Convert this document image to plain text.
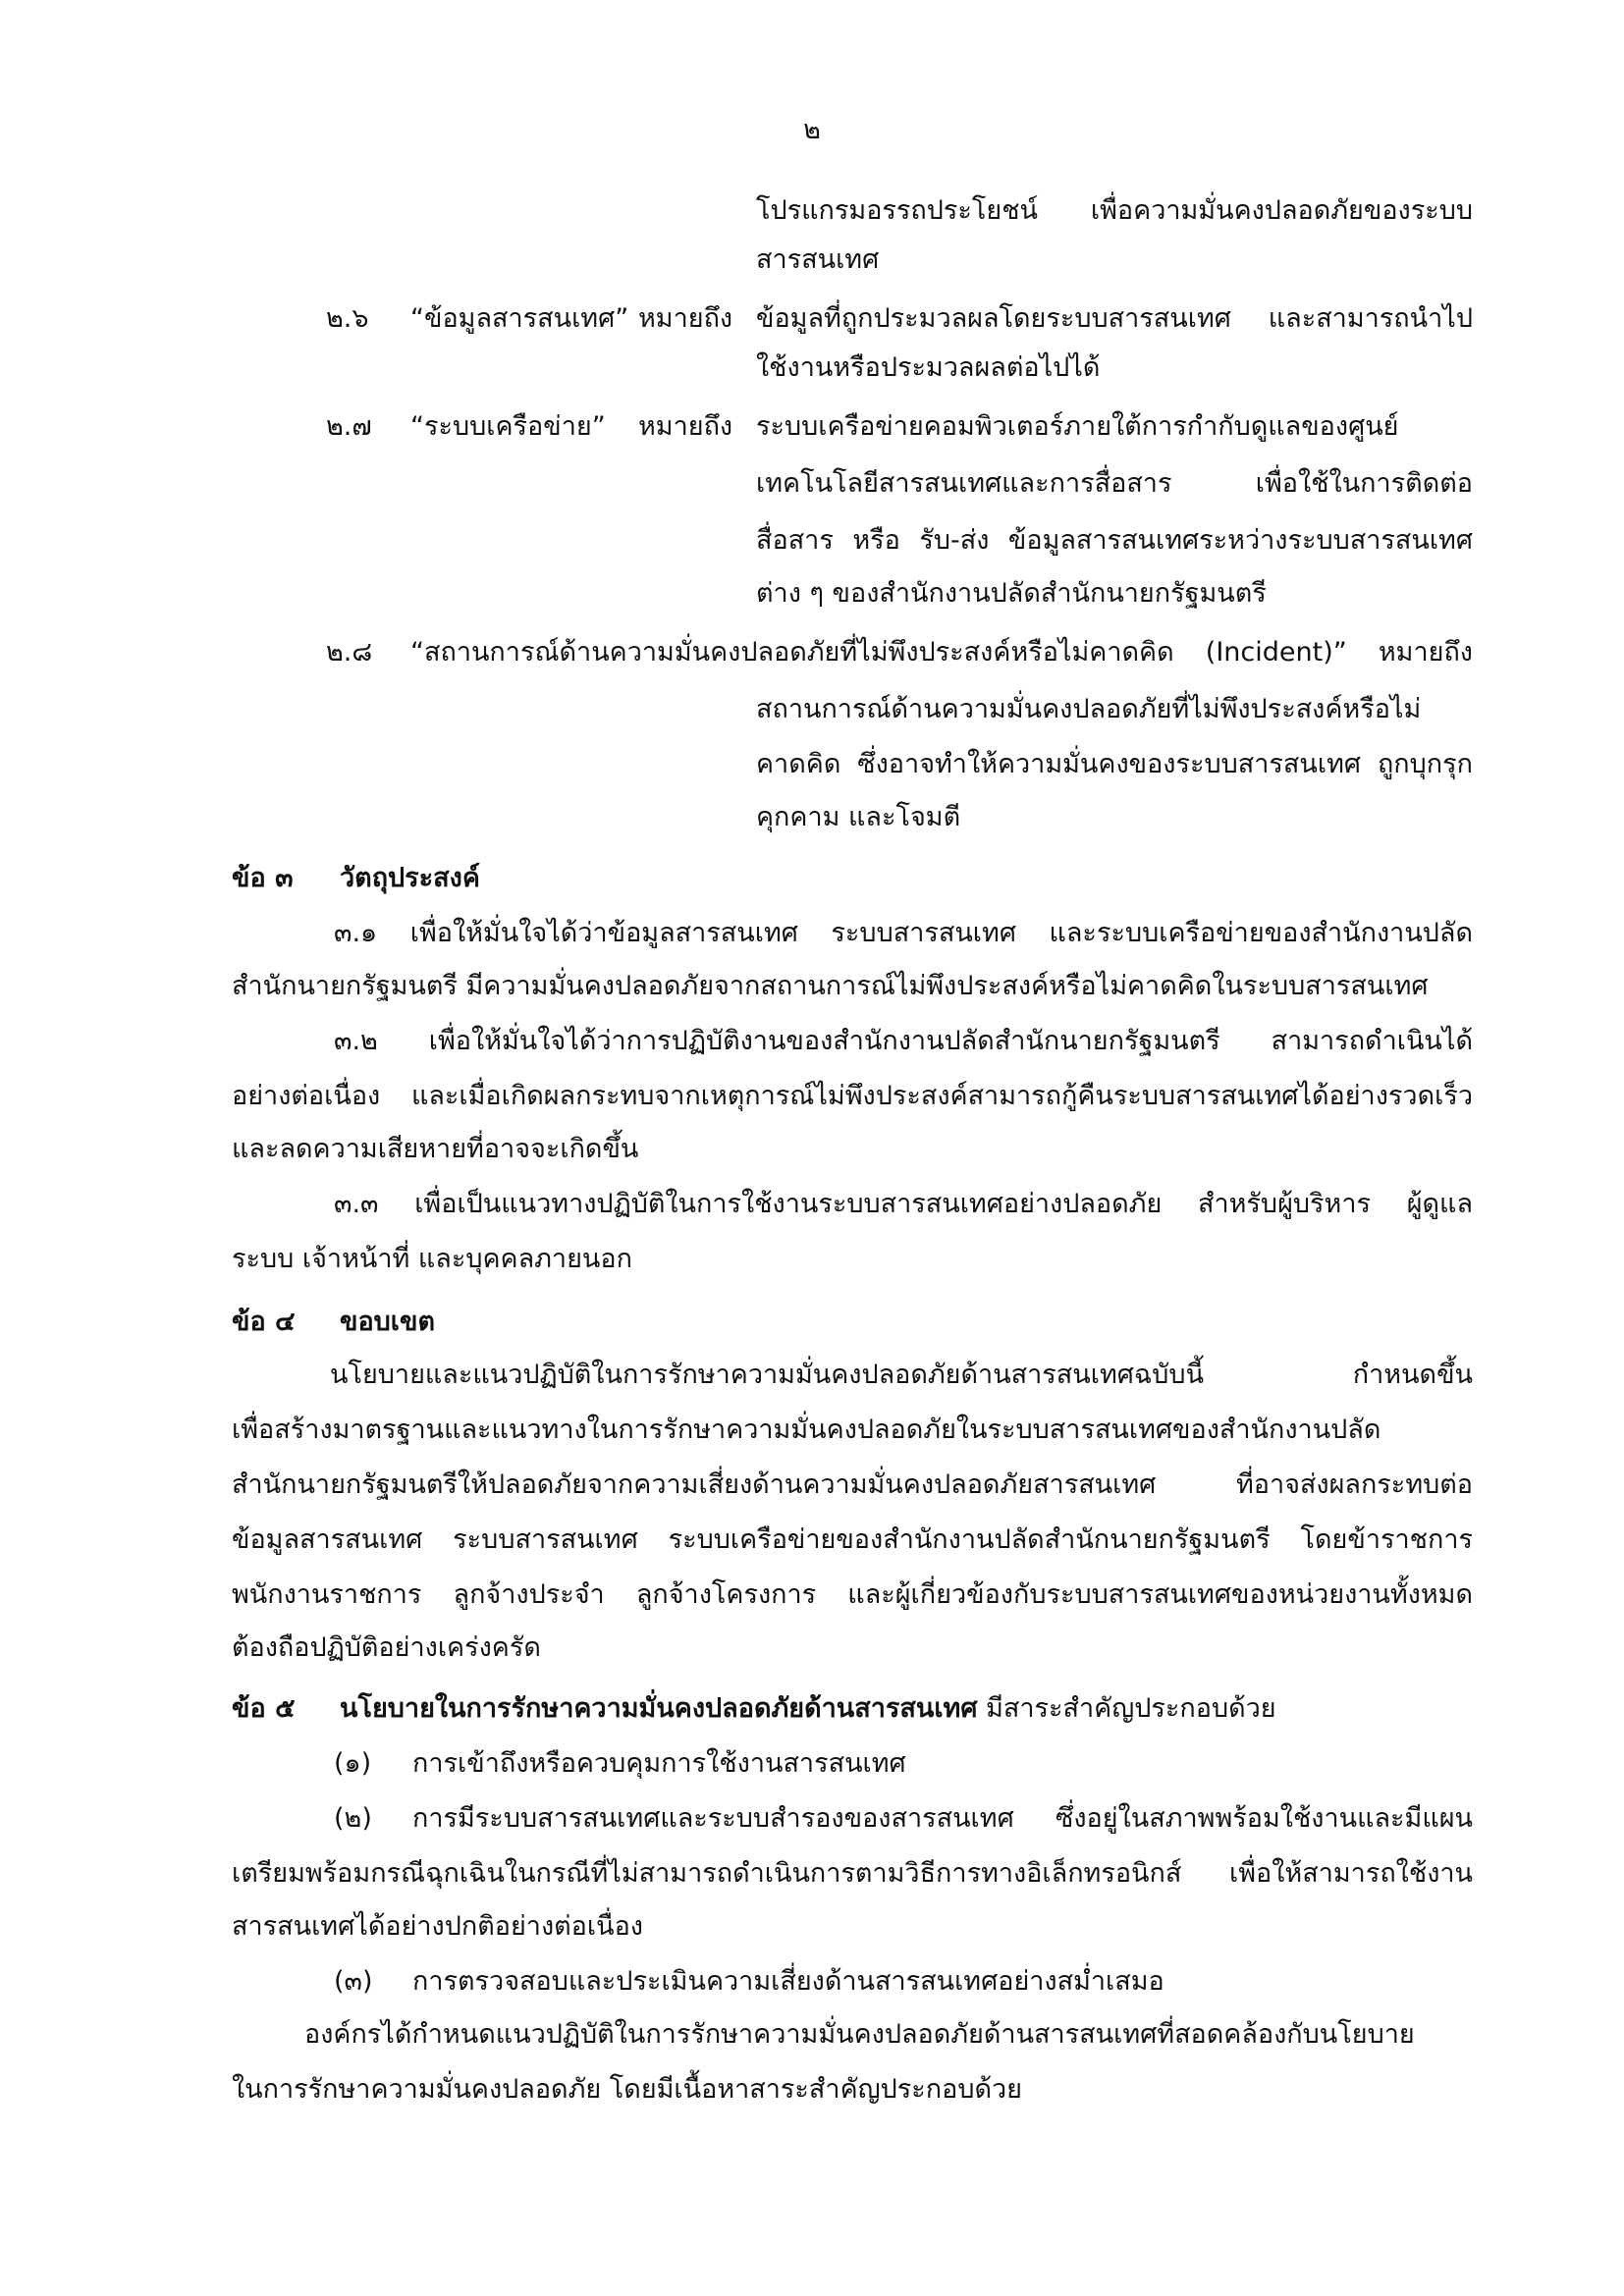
๒
โปรแกรมอรรถประโยชน์ เพื่อความมั่นคงปลอดภัยของระบบ
สารสนเทศ
๒.๖ “ข้อมูลสารสนเทศ” หมายถึง ข้อมูลที่ถูกประมวลผลโดยระบบสารสนเทศ และสามารถนำไป
ใช้งานหรือประมวลผลต่อไปได้
๒.๗ “ระบบเครือข่าย” หมายถึง ระบบเครือข่ายคอมพิวเตอร์ภายใต้การกำกับดูแลของศูนย์
เทคโนโลยีสารสนเทศและการสื่อสาร เพื่อใช้ในการติดต่อ
สื่อสาร หรือ รับ-ส่ง ข้อมูลสารสนเทศระหว่างระบบสารสนเทศ
ต่าง ๆ ของสำนักงานปลัดสำนักนายกรัฐมนตรี
๒.๘ “สถานการณ์ด้านความมั่นคงปลอดภัยที่ไม่พึงประสงค์หรือไม่คาดคิด (Incident)” หมายถึง
สถานการณ์ด้านความมั่นคงปลอดภัยที่ไม่พึงประสงค์หรือไม่
คาดคิด ซึ่งอาจทำให้ความมั่นคงของระบบสารสนเทศ ถูกบุกรุก
คุกคาม และโจมตี
ข้อ ๓ วัตถุประสงค์
๓.๑ เพื่อให้มั่นใจได้ว่าข้อมูลสารสนเทศ ระบบสารสนเทศ และระบบเครือข่ายของสำนักงานปลัด
สำนักนายกรัฐมนตรี มีความมั่นคงปลอดภัยจากสถานการณ์ไม่พึงประสงค์หรือไม่คาดคิดในระบบสารสนเทศ
๓.๒ เพื่อให้มั่นใจได้ว่าการปฏิบัติงานของสำนักงานปลัดสำนักนายกรัฐมนตรี สามารถดำเนินได้
อย่างต่อเนื่อง และเมื่อเกิดผลกระทบจากเหตุการณ์ไม่พึงประสงค์สามารถกู้คืนระบบสารสนเทศได้อย่างรวดเร็ว
และลดความเสียหายที่อาจจะเกิดขึ้น
๓.๓ เพื่อเป็นแนวทางปฏิบัติในการใช้งานระบบสารสนเทศอย่างปลอดภัย สำหรับผู้บริหาร ผู้ดูแล
ระบบ เจ้าหน้าที่ และบุคคลภายนอก
ข้อ ๔ ขอบเขต
นโยบายและแนวปฏิบัติในการรักษาความมั่นคงปลอดภัยด้านสารสนเทศฉบับนี้ กำหนดขึ้น
เพื่อสร้างมาตรฐานและแนวทางในการรักษาความมั่นคงปลอดภัยในระบบสารสนเทศของสำนักงานปลัด
สำนักนายกรัฐมนตรีให้ปลอดภัยจากความเสี่ยงด้านความมั่นคงปลอดภัยสารสนเทศ ที่อาจส่งผลกระทบต่อ
ข้อมูลสารสนเทศ ระบบสารสนเทศ ระบบเครือข่ายของสำนักงานปลัดสำนักนายกรัฐมนตรี โดยข้าราชการ
พนักงานราชการ ลูกจ้างประจำ ลูกจ้างโครงการ และผู้เกี่ยวข้องกับระบบสารสนเทศของหน่วยงานทั้งหมด
ต้องถือปฏิบัติอย่างเคร่งครัด
ข้อ ๕ นโยบายในการรักษาความมั่นคงปลอดภัยด้านสารสนเทศ มีสาระสำคัญประกอบด้วย
(๑) การเข้าถึงหรือควบคุมการใช้งานสารสนเทศ
(๒) การมีระบบสารสนเทศและระบบสำรองของสารสนเทศ ซึ่งอยู่ในสภาพพร้อมใช้งานและมีแผน
เตรียมพร้อมกรณีฉุกเฉินในกรณีที่ไม่สามารถดำเนินการตามวิธีการทางอิเล็กทรอนิกส์ เพื่อให้สามารถใช้งาน
สารสนเทศได้อย่างปกติอย่างต่อเนื่อง
(๓) การตรวจสอบและประเมินความเสี่ยงด้านสารสนเทศอย่างสม่ำเสมอ
องค์กรได้กำหนดแนวปฏิบัติในการรักษาความมั่นคงปลอดภัยด้านสารสนเทศที่สอดคล้องกับนโยบาย
ในการรักษาความมั่นคงปลอดภัย โดยมีเนื้อหาสาระสำคัญประกอบด้วย
